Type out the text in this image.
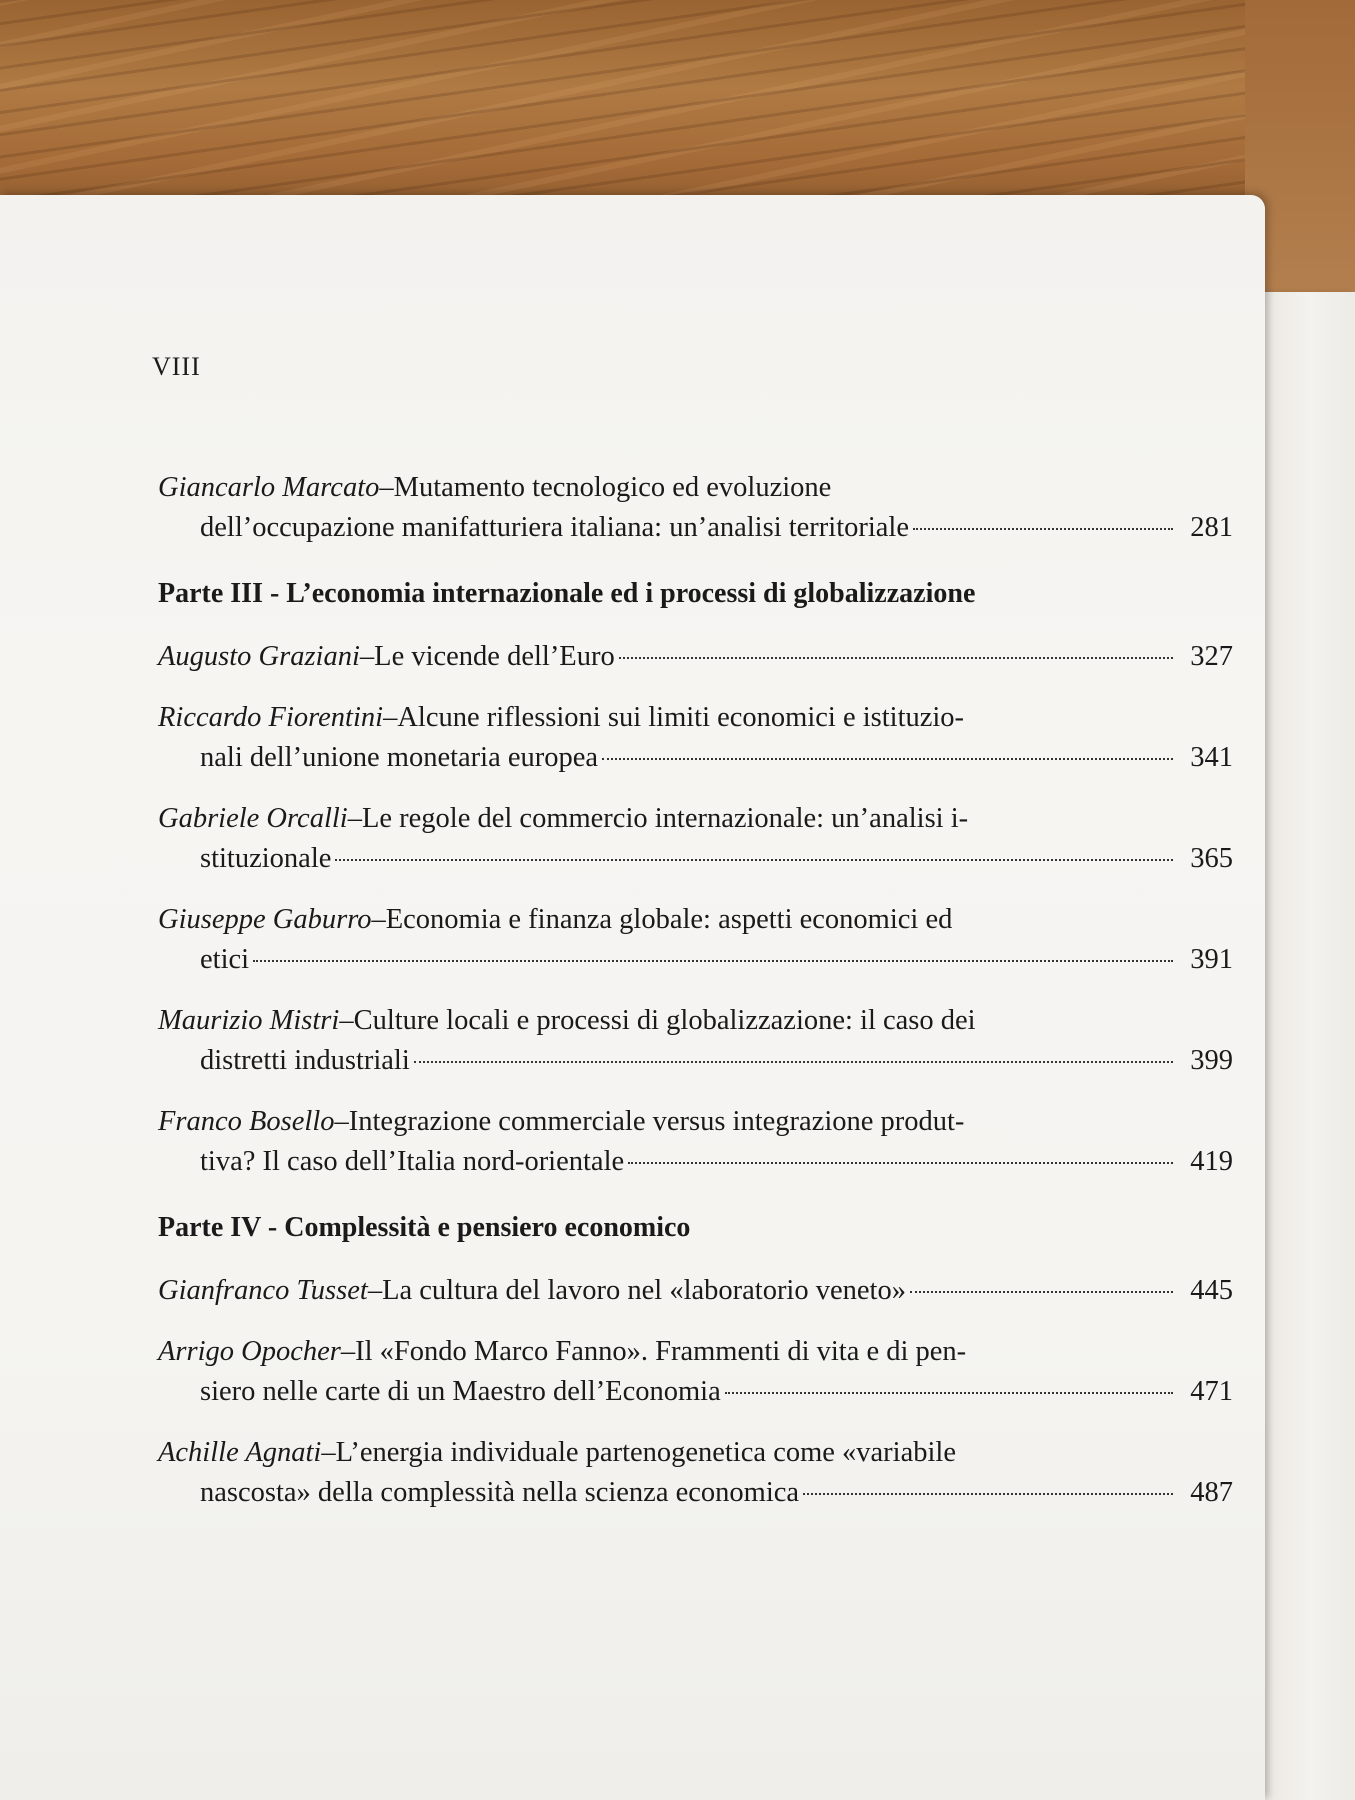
VIII
Giancarlo Marcato – Mutamento tecnologico ed evoluzione
dell’occupazione manifatturiera italiana: un’analisi territoriale	281
Parte III - L’economia internazionale ed i processi di globalizzazione
Augusto Graziani – Le vicende dell’Euro	327
Riccardo Fiorentini – Alcune riflessioni sui limiti economici e istituzio-
nali dell’unione monetaria europea	341
Gabriele Orcalli – Le regole del commercio internazionale: un’analisi i-
stituzionale	365
Giuseppe Gaburro – Economia e finanza globale: aspetti economici ed
etici	391
Maurizio Mistri – Culture locali e processi di globalizzazione: il caso dei
distretti industriali	399
Franco Bosello – Integrazione commerciale versus integrazione produt-
tiva? Il caso dell’Italia nord-orientale	419
Parte IV - Complessità e pensiero economico
Gianfranco Tusset – La cultura del lavoro nel «laboratorio veneto»	445
Arrigo Opocher – Il «Fondo Marco Fanno». Frammenti di vita e di pen-
siero nelle carte di un Maestro dell’Economia	471
Achille Agnati – L’energia individuale partenogenetica come «variabile
nascosta» della complessità nella scienza economica	487
